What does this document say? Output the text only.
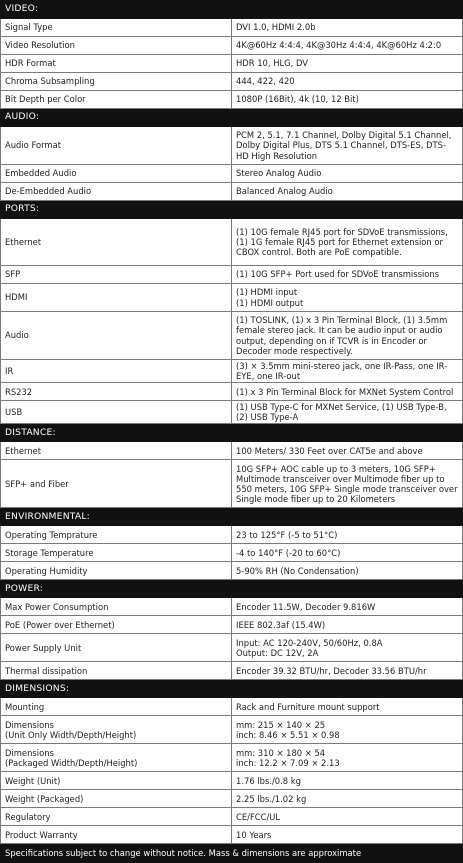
VIDEO:	
Signal Type	DVI 1.0, HDMI 2.0b
Video Resolution	4K@60Hz 4:4:4, 4K@30Hz 4:4:4, 4K@60Hz 4:2:0
HDR Format	HDR 10, HLG, DV
Chroma Subsampling	444, 422, 420
Bit Depth per Color	1080P (16Bit), 4k (10, 12 Bit)
AUDIO:	
Audio Format	PCM 2, 5.1, 7.1 Channel, Dolby Digital 5.1 Channel, Dolby Digital Plus, DTS 5.1 Channel, DTS-ES, DTS-HD High Resolution
Embedded Audio	Stereo Analog Audio
De-Embedded Audio	Balanced Analog Audio
PORTS:	
Ethernet	(1) 10G female RJ45 port for SDVoE transmissions, (1) 1G female RJ45 port for Ethernet extension or CBOX control. Both are PoE compatible.
SFP	(1) 10G SFP+ Port used for SDVoE transmissions
HDMI	(1) HDMI input
(1) HDMI output
Audio	(1) TOSLINK, (1) x 3 Pin Terminal Block, (1) 3.5mm female stereo jack. It can be audio input or audio output, depending on if TCVR is in Encoder or Decoder mode respectively.
IR	(3) × 3.5mm mini-stereo jack, one IR-Pass, one IR-EYE, one IR-out
RS232	(1) x 3 Pin Terminal Block for MXNet System Control
USB	(1) USB Type-C for MXNet Service, (1) USB Type-B, (2) USB Type-A
DISTANCE:	
Ethernet	100 Meters/ 330 Feet over CAT5e and above
SFP+ and Fiber	10G SFP+ AOC cable up to 3 meters, 10G SFP+ Multimode transceiver over Multimode fiber up to 550 meters, 10G SFP+ Single mode transceiver over Single mode fiber up to 20 Kilometers
ENVIRONMENTAL:	
Operating Temprature	23 to 125°F (-5 to 51°C)
Storage Temperature	-4 to 140°F (-20 to 60°C)
Operating Humidity	5-90% RH (No Condensation)
POWER:	
Max Power Consumption	Encoder 11.5W, Decoder 9.816W
PoE (Power over Ethernet)	IEEE 802.3af (15.4W)
Power Supply Unit	Input: AC 120-240V, 50/60Hz, 0.8A
Output: DC 12V, 2A
Thermal dissipation	Encoder 39.32 BTU/hr, Decoder 33.56 BTU/hr
DIMENSIONS:	
Mounting	Rack and Furniture mount support
Dimensions
(Unit Only Width/Depth/Height)	mm: 215 × 140 × 25
inch: 8.46 × 5.51 × 0.98
Dimensions
(Packaged Width/Depth/Height)	mm: 310 × 180 × 54
inch: 12.2 × 7.09 × 2.13
Weight (Unit)	1.76 lbs./0.8 kg
Weight (Packaged)	2.25 lbs./1.02 kg
Regulatory	CE/FCC/UL
Product Warranty	10 Years
Specifications subject to change without notice. Mass & dimensions are approximate	
